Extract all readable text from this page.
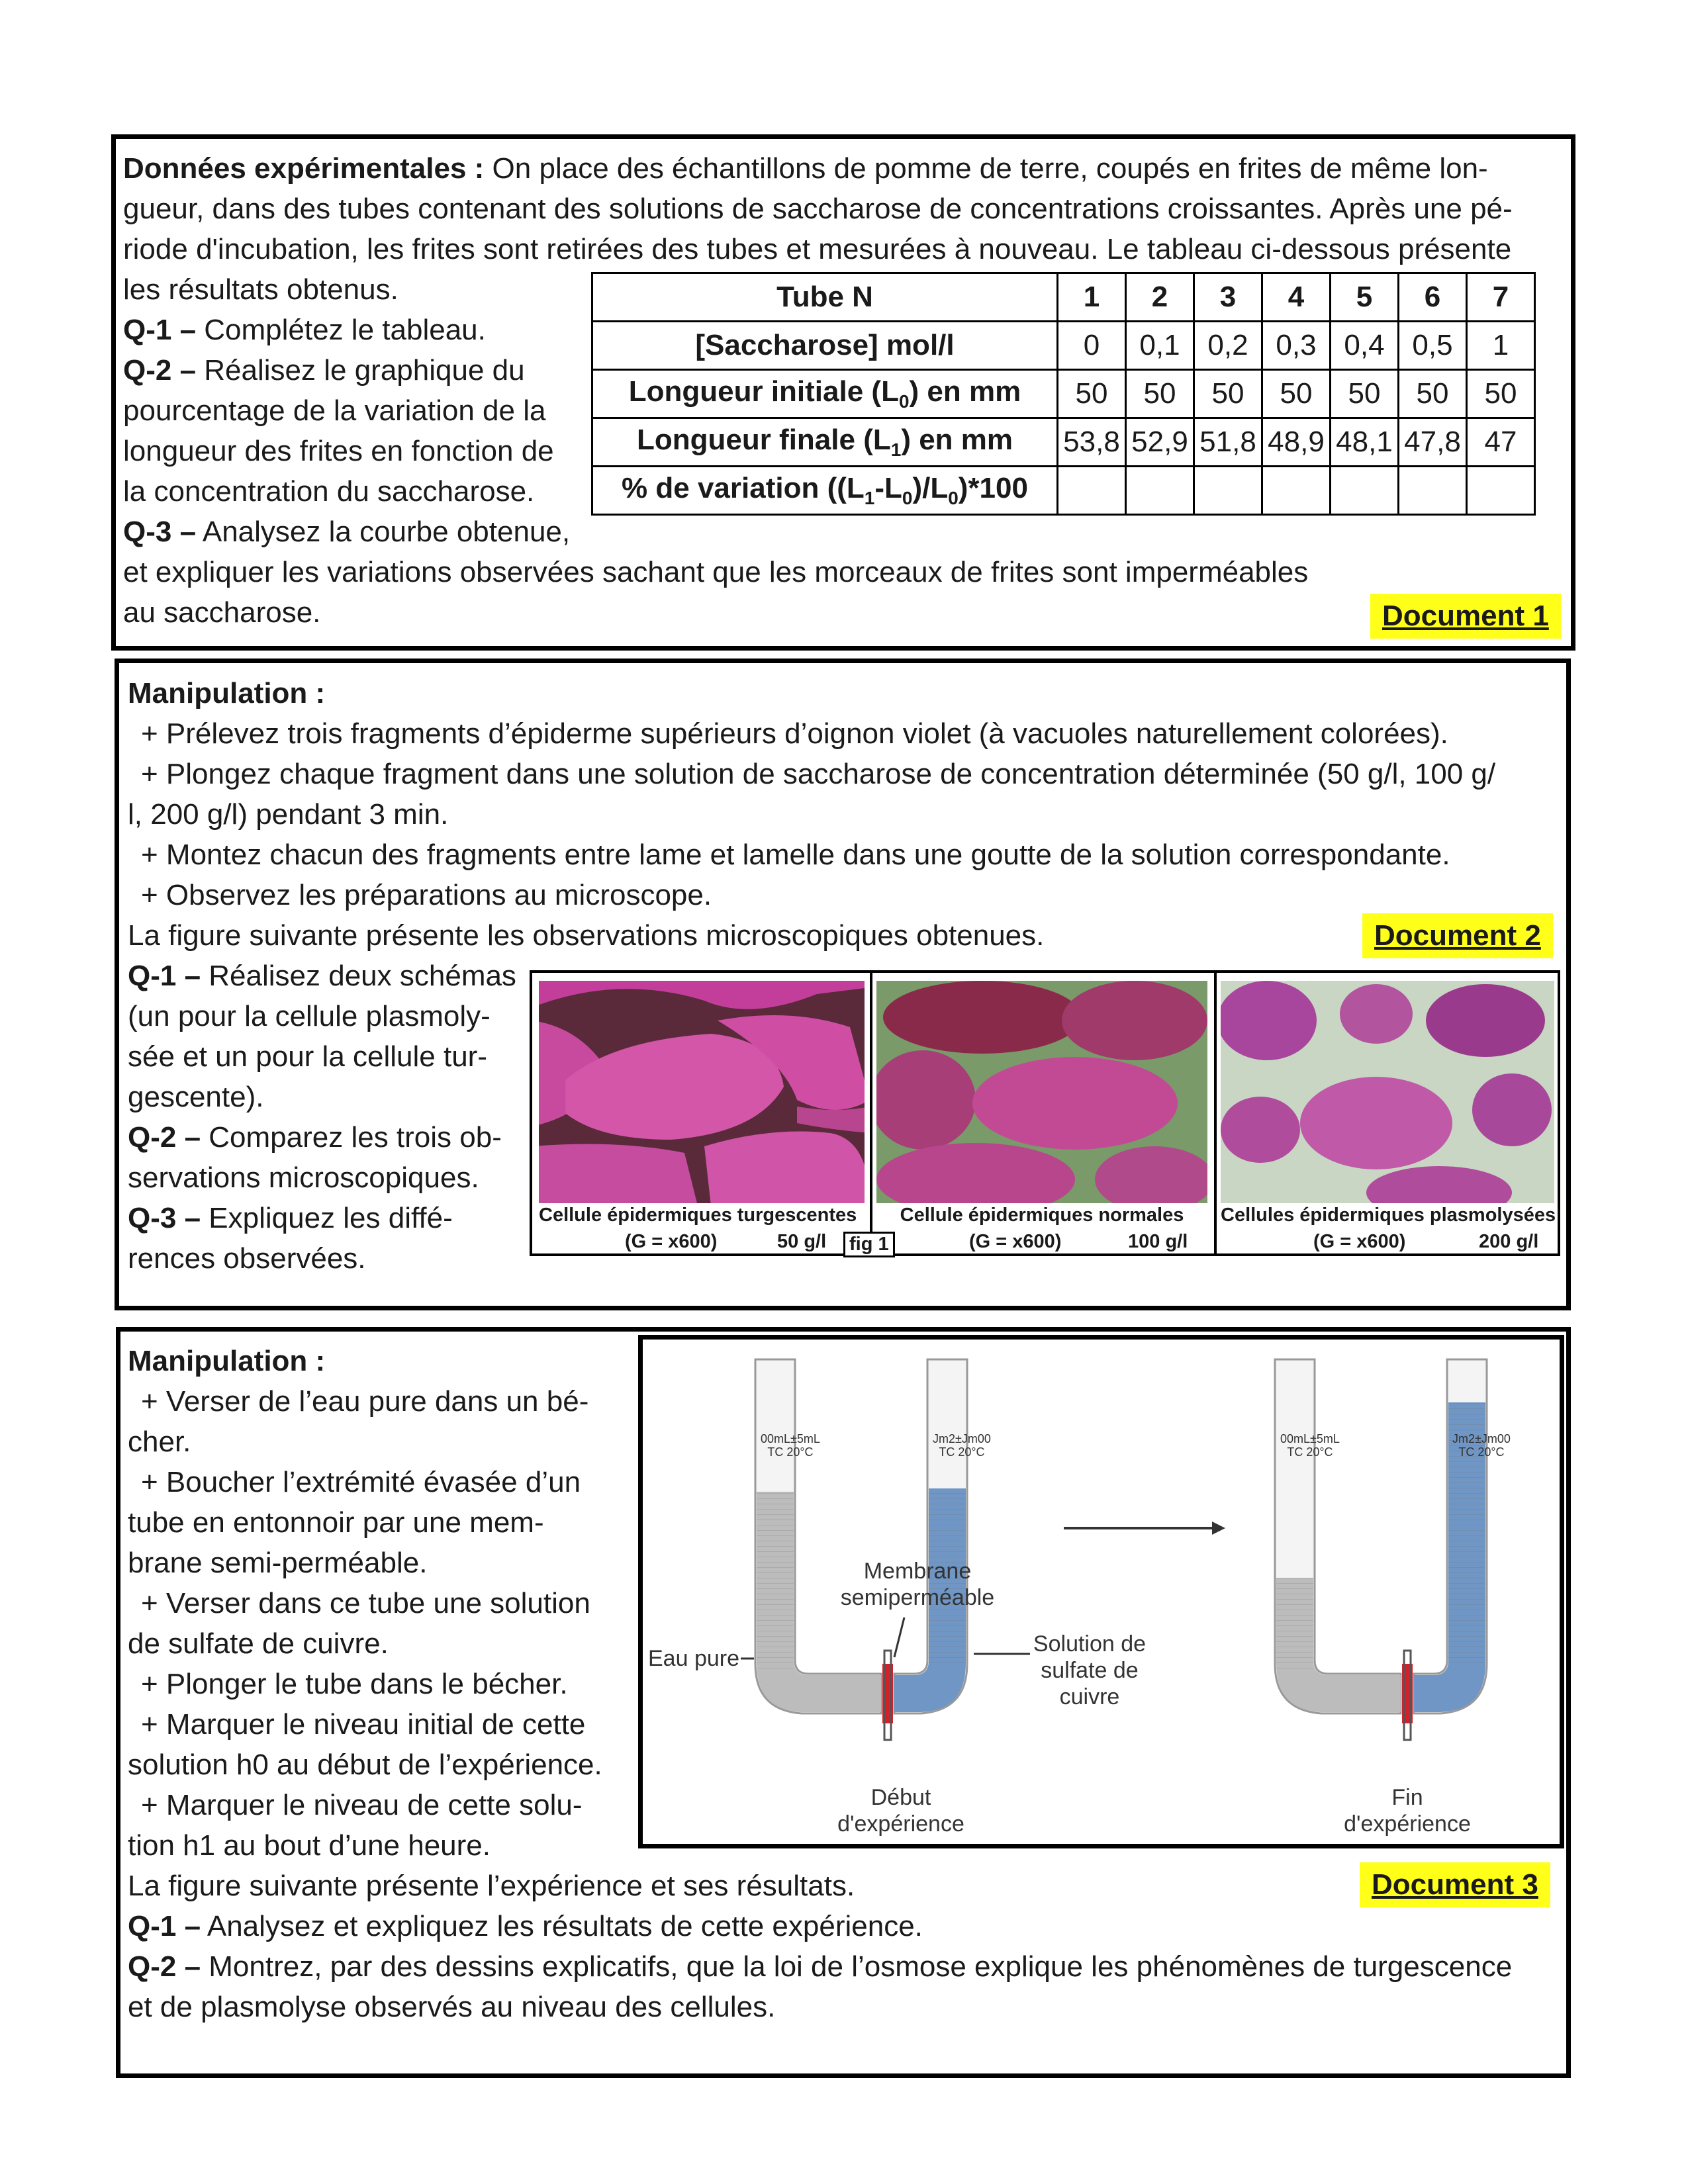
Données expérimentales : On place des échantillons de pomme de terre, coupés en frites de même lon-
gueur, dans des tubes contenant des solutions de saccharose de concentrations croissantes. Après une pé-
riode d'incubation, les frites sont retirées des tubes et mesurées à nouveau. Le tableau ci-dessous présente
les résultats obtenus.
Q-1 – Complétez le tableau.
Q-2 – Réalisez le graphique du
pourcentage de la variation de la
longueur des frites en fonction de
la concentration du saccharose.
Q-3 – Analysez la courbe obtenue,
et expliquer les variations observées sachant que les morceaux de frites sont imperméables
au saccharose.	Document 1
Tube N	1	2	3	4	5	6	7
[Saccharose] mol/l	0	0,1	0,2	0,3	0,4	0,5	1
Longueur initiale $(L_0)$ en mm	50	50	50	50	50	50	50
Longueur finale $(L_1)$ en mm	53,8	52,9	51,8	48,9	48,1	47,8	47
% de variation $((L_1-L_0)/L_0)*100$							
Manipulation :
+ Prélevez trois fragments d’épiderme supérieurs d’oignon violet (à vacuoles naturellement colorées).
+ Plongez chaque fragment dans une solution de saccharose de concentration déterminée (50 g/l, 100 g/
l, 200 g/l) pendant 3 min.
+ Montez chacun des fragments entre lame et lamelle dans une goutte de la solution correspondante.
+ Observez les préparations au microscope.
La figure suivante présente les observations microscopiques obtenues.	Document 2
Q-1 – Réalisez deux schémas
(un pour la cellule plasmoly-
sée et un pour la cellule tur-
gescente).
Q-2 – Comparez les trois ob-
servations microscopiques.
Q-3 – Expliquez les diffé-
rences observées.
Cellule épidermiques turgescentes
(G = x600)	50 g/l	fig 1
Cellule épidermiques normales
(G = x600)	100 g/l
Cellules épidermiques plasmolysées
(G = x600)	200 g/l
Manipulation :
+ Verser de l’eau pure dans un bé-
cher.
+ Boucher l’extrémité évasée d’un
tube en entonnoir par une mem-
brane semi-perméable.
+ Verser dans ce tube une solution
de sulfate de cuivre.
+ Plonger le tube dans le bécher.
+ Marquer le niveau initial de cette
solution h0 au début de l’expérience.
+ Marquer le niveau de cette solu-
tion h1 au bout d’une heure.
La figure suivante présente l’expérience et ses résultats.	Document 3
Q-1 – Analysez et expliquez les résultats de cette expérience.
Q-2 – Montrez, par des dessins explicatifs, que la loi de l’osmose explique les phénomènes de turgescence
et de plasmolyse observés au niveau des cellules.
00mL±5mL
TC 20°C
Jm2±Jm00
TC 20°C
00mL±5mL
TC 20°C
Jm2±Jm00
TC 20°C
Membrane
semiperméable
Eau pure
Solution de
sulfate de
cuivre
Début
d'expérience
Fin
d'expérience
